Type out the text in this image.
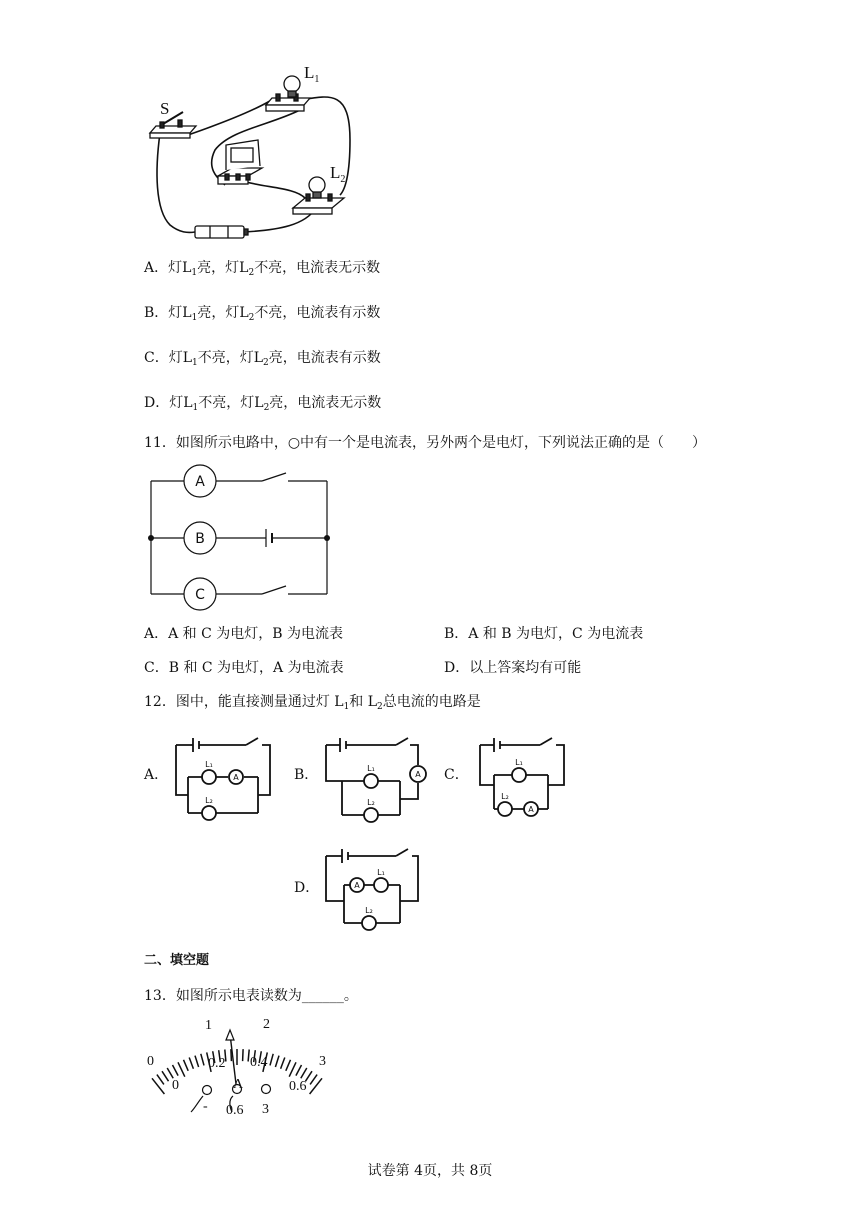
S
$L_1$
$L_2$
A．灯$L_1$亮，灯$L_2$不亮，电流表无示数
B．灯$L_1$亮，灯$L_2$不亮，电流表有示数
C．灯$L_1$不亮，灯$L_2$亮，电流表有示数
D．灯$L_1$不亮，灯$L_2$亮，电流表无示数
11．如图所示电路中，○中有一个是电流表，另外两个是电灯，下列说法正确的是（　　）
A
B
C
A．A 和 C 为电灯，B 为电流表	B．A 和 B 为电灯，C 为电流表
C．B 和 C 为电灯，A 为电流表	D．以上答案均有可能
12．图中，能直接测量通过灯 $L_1$和 $L_2$总电流的电路是
A．	B．	C．
D．
A	A
A
A
L₁
L₂
L₁
L₂
L₁
L₂
L₁
L₂
二、填空题
13．如图所示电表读数为______。
0
1	2
3
0
0.2 0.4
0.6
A
- 0.6 3
试卷第 4页，共 8页
